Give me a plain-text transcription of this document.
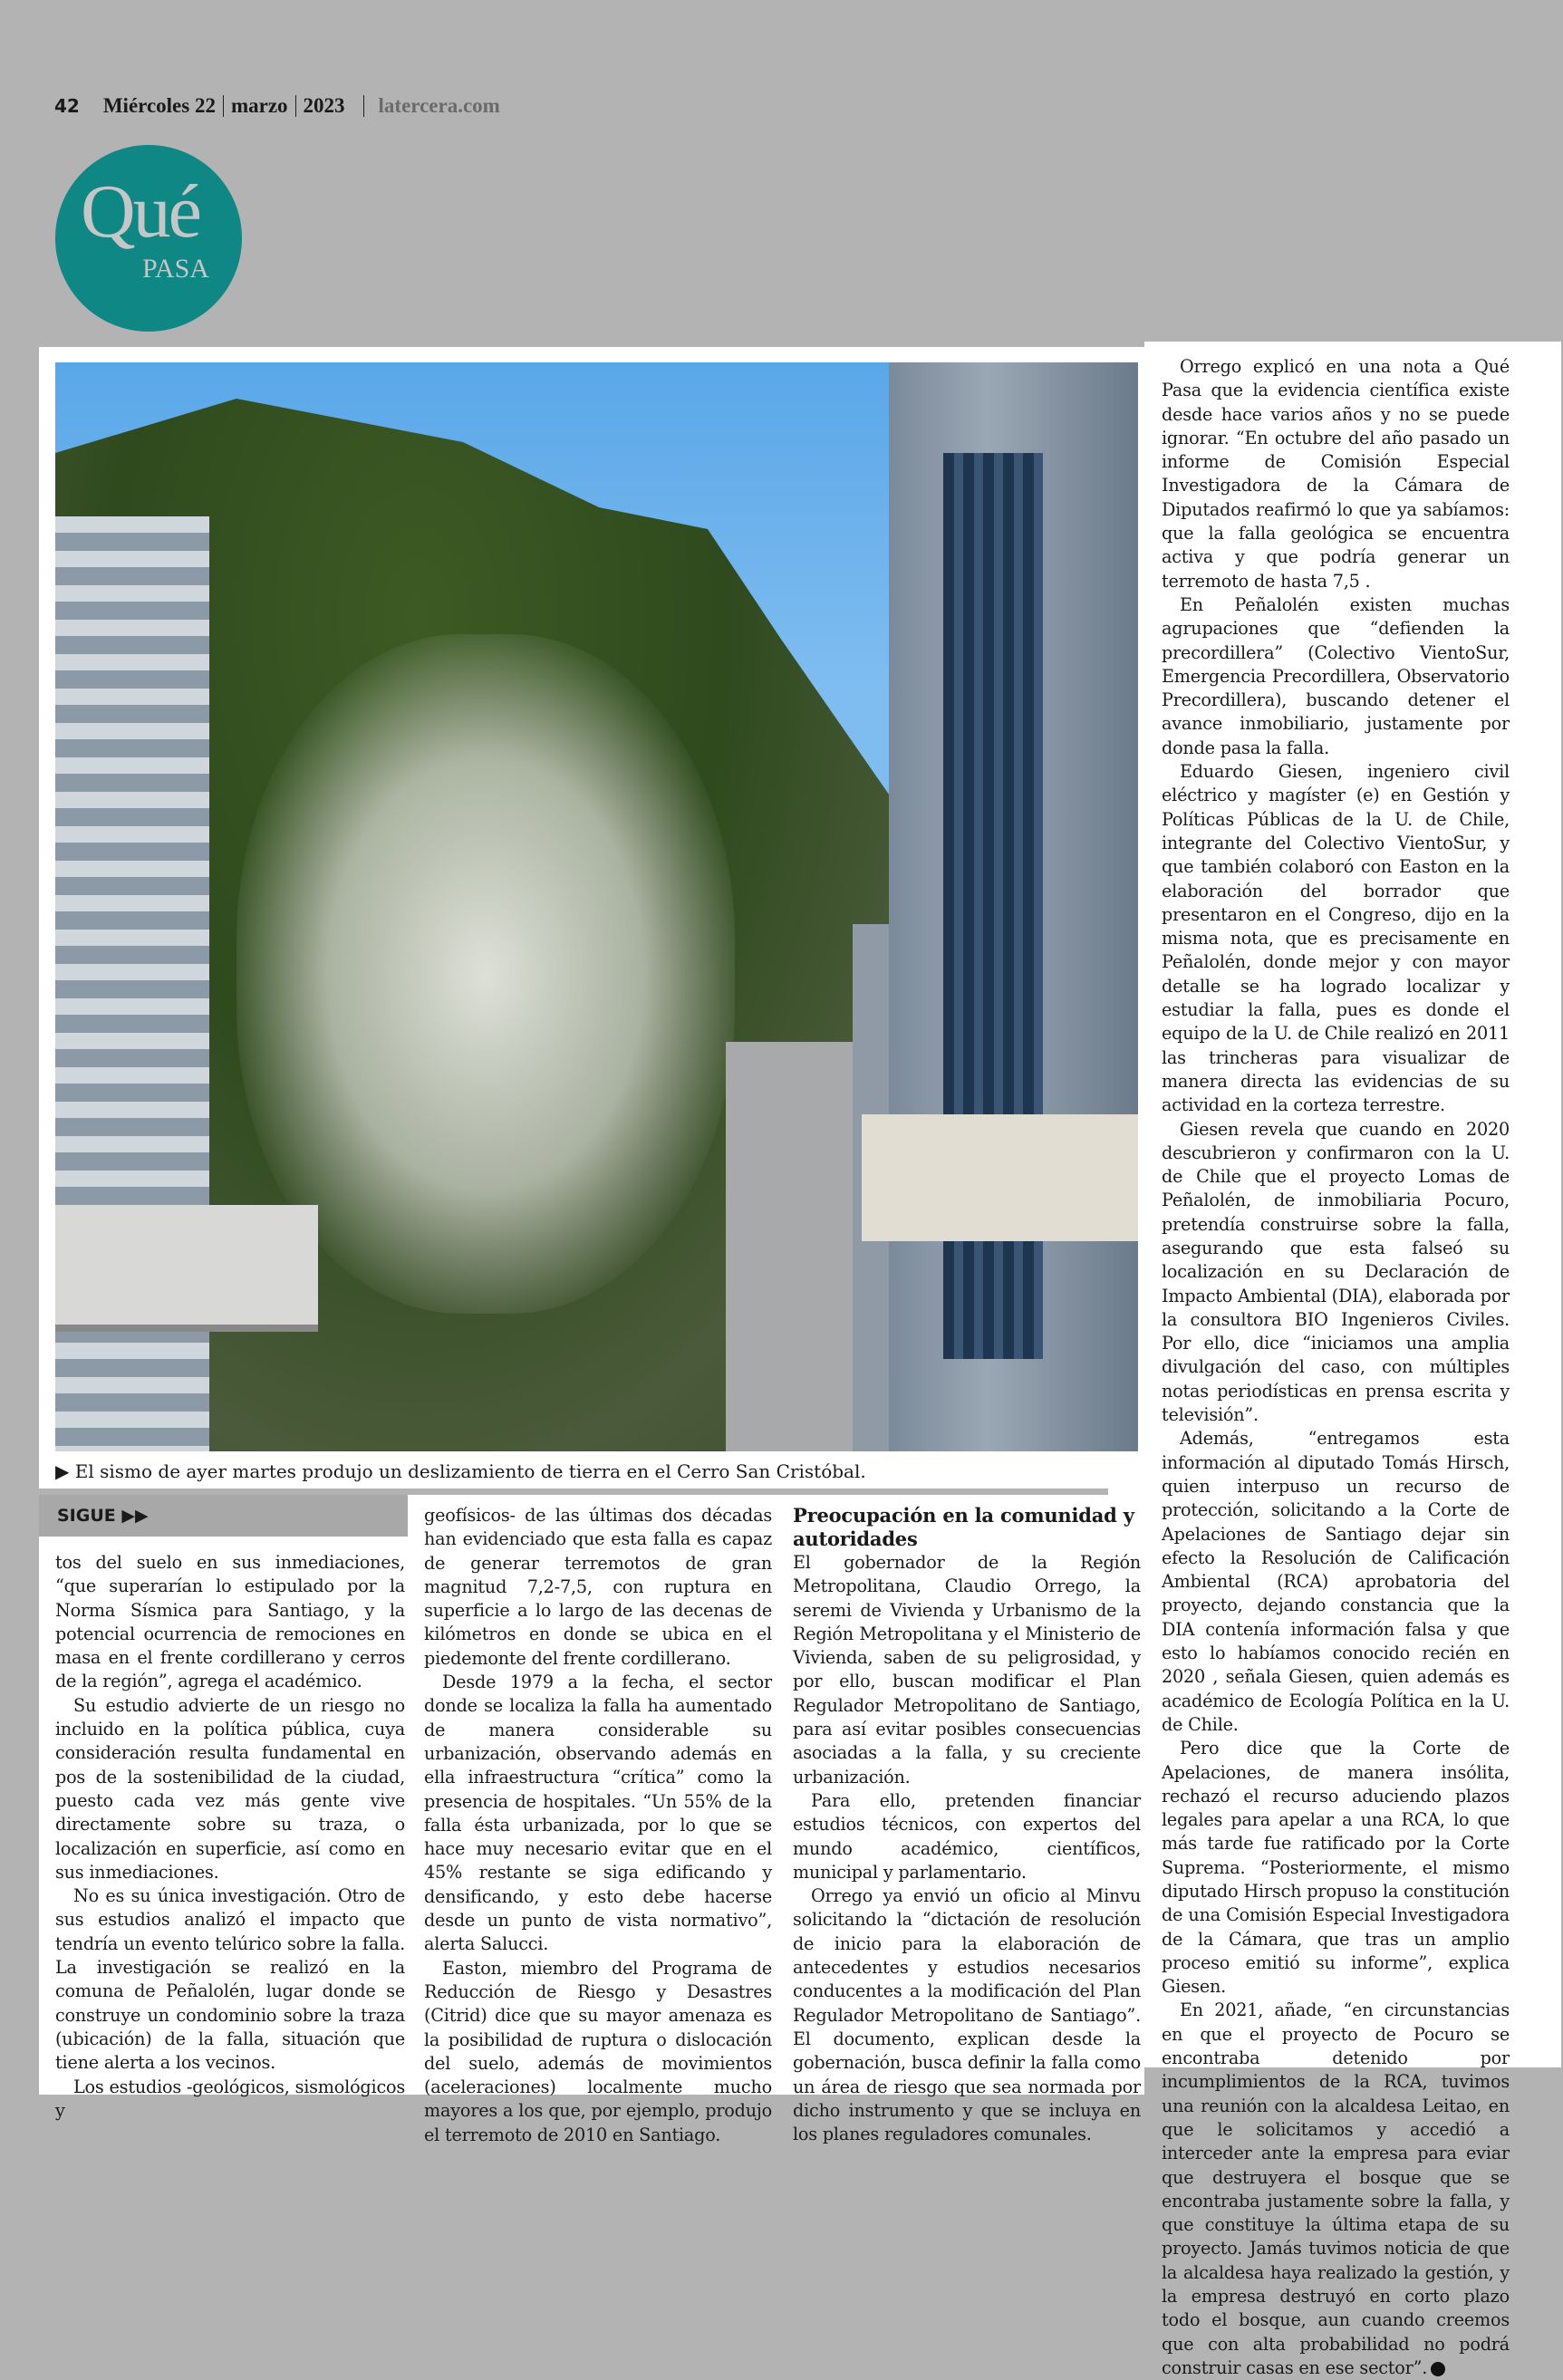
42 Miércoles 22 marzo 2023 latercera.com
Qué
PASA
▶ El sismo de ayer martes produjo un deslizamiento de tierra en el Cerro San Cristóbal.
SIGUE ▶▶

tos del suelo en sus inmediaciones, “que superarían lo estipulado por la Norma Sísmica para Santiago, y la potencial ocurrencia de remociones en masa en el frente cordillerano y cerros de la región”, agrega el académico.

Su estudio advierte de un riesgo no incluido en la política pública, cuya consideración resulta fundamental en pos de la sostenibilidad de la ciudad, puesto cada vez más gente vive directamente sobre su traza, o localización en superficie, así como en sus inmediaciones.

No es su única investigación. Otro de sus estudios analizó el impacto que tendría un evento telúrico sobre la falla. La investigación se realizó en la comuna de Peñalolén, lugar donde se construye un condominio sobre la traza (ubicación) de la falla, situación que tiene alerta a los vecinos.

Los estudios -geológicos, sismológicos y

geofísicos- de las últimas dos décadas han evidenciado que esta falla es capaz de generar terremotos de gran magnitud 7,2-7,5, con ruptura en superficie a lo largo de las decenas de kilómetros en donde se ubica en el piedemonte del frente cordillerano.

Desde 1979 a la fecha, el sector donde se localiza la falla ha aumentado de manera considerable su urbanización, observando además en ella infraestructura “crítica” como la presencia de hospitales. “Un 55% de la falla ésta urbanizada, por lo que se hace muy necesario evitar que en el 45% restante se siga edificando y densificando, y esto debe hacerse desde un punto de vista normativo”, alerta Salucci.

Easton, miembro del Programa de Reducción de Riesgo y Desastres (Citrid) dice que su mayor amenaza es la posibilidad de ruptura o dislocación del suelo, además de movimientos (aceleraciones) localmente mucho mayores a los que, por ejemplo, produjo el terremoto de 2010 en Santiago.

Preocupación en la comunidad y autoridades

El gobernador de la Región Metropolitana, Claudio Orrego, la seremi de Vivienda y Urbanismo de la Región Metropolitana y el Ministerio de Vivienda, saben de su peligrosidad, y por ello, buscan modificar el Plan Regulador Metropolitano de Santiago, para así evitar posibles consecuencias asociadas a la falla, y su creciente urbanización.

Para ello, pretenden financiar estudios técnicos, con expertos del mundo académico, científicos, municipal y parlamentario.

Orrego ya envió un oficio al Minvu solicitando la “dictación de resolución de inicio para la elaboración de antecedentes y estudios necesarios conducentes a la modificación del Plan Regulador Metropolitano de Santiago”. El documento, explican desde la gobernación, busca definir la falla como un área de riesgo que sea normada por dicho instrumento y que se incluya en los planes reguladores comunales.

Orrego explicó en una nota a Qué Pasa que la evidencia científica existe desde hace varios años y no se puede ignorar. “En octubre del año pasado un informe de Comisión Especial Investigadora de la Cámara de Diputados reafirmó lo que ya sabíamos: que la falla geológica se encuentra activa y que podría generar un terremoto de hasta 7,5 .

En Peñalolén existen muchas agrupaciones que “defienden la precordillera” (Colectivo VientoSur, Emergencia Precordillera, Observatorio Precordillera), buscando detener el avance inmobiliario, justamente por donde pasa la falla.

Eduardo Giesen, ingeniero civil eléctrico y magíster (e) en Gestión y Políticas Públicas de la U. de Chile, integrante del Colectivo VientoSur, y que también colaboró con Easton en la elaboración del borrador que presentaron en el Congreso, dijo en la misma nota, que es precisamente en Peñalolén, donde mejor y con mayor detalle se ha logrado localizar y estudiar la falla, pues es donde el equipo de la U. de Chile realizó en 2011 las trincheras para visualizar de manera directa las evidencias de su actividad en la corteza terrestre.

Giesen revela que cuando en 2020 descubrieron y confirmaron con la U. de Chile que el proyecto Lomas de Peñalolén, de inmobiliaria Pocuro, pretendía construirse sobre la falla, asegurando que esta falseó su localización en su Declaración de Impacto Ambiental (DIA), elaborada por la consultora BIO Ingenieros Civiles. Por ello, dice “iniciamos una amplia divulgación del caso, con múltiples notas periodísticas en prensa escrita y televisión”.

Además, “entregamos esta información al diputado Tomás Hirsch, quien interpuso un recurso de protección, solicitando a la Corte de Apelaciones de Santiago dejar sin efecto la Resolución de Calificación Ambiental (RCA) aprobatoria del proyecto, dejando constancia que la DIA contenía información falsa y que esto lo habíamos conocido recién en 2020 , señala Giesen, quien además es académico de Ecología Política en la U. de Chile.

Pero dice que la Corte de Apelaciones, de manera insólita, rechazó el recurso aduciendo plazos legales para apelar a una RCA, lo que más tarde fue ratificado por la Corte Suprema. “Posteriormente, el mismo diputado Hirsch propuso la constitución de una Comisión Especial Investigadora de la Cámara, que tras un amplio proceso emitió su informe”, explica Giesen.

En 2021, añade, “en circunstancias en que el proyecto de Pocuro se encontraba detenido por incumplimientos de la RCA, tuvimos una reunión con la alcaldesa Leitao, en que le solicitamos y accedió a interceder ante la empresa para eviar que destruyera el bosque que se encontraba justamente sobre la falla, y que constituye la última etapa de su proyecto. Jamás tuvimos noticia de que la alcaldesa haya realizado la gestión, y la empresa destruyó en corto plazo todo el bosque, aun cuando creemos que con alta probabilidad no podrá construir casas en ese sector”.
